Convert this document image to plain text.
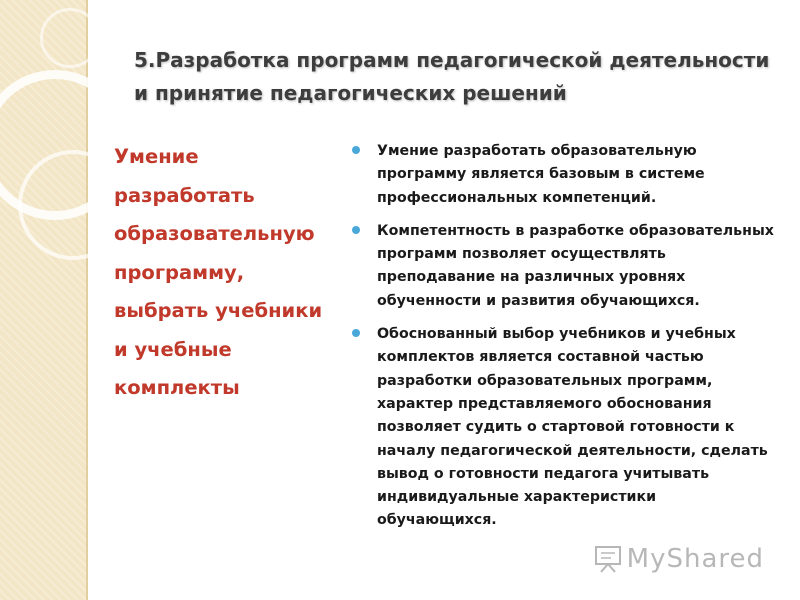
5.Разработка программ педагогической деятельности и принятие педагогических решений

Умение разработать образовательную программу, выбрать учебники и учебные комплекты

Умение разработать образовательную программу является базовым в системе профессиональных компетенций.
Компетентность в разработке образовательных программ позволяет осуществлять преподавание на различных уровнях обученности и развития обучающихся.
Обоснованный выбор учебников и учебных комплектов является составной частью разработки образовательных программ, характер представляемого обоснования позволяет судить о стартовой готовности к началу педагогической деятельности, сделать вывод о готовности педагога учитывать индивидуальные характеристики обучающихся.
MyShared
